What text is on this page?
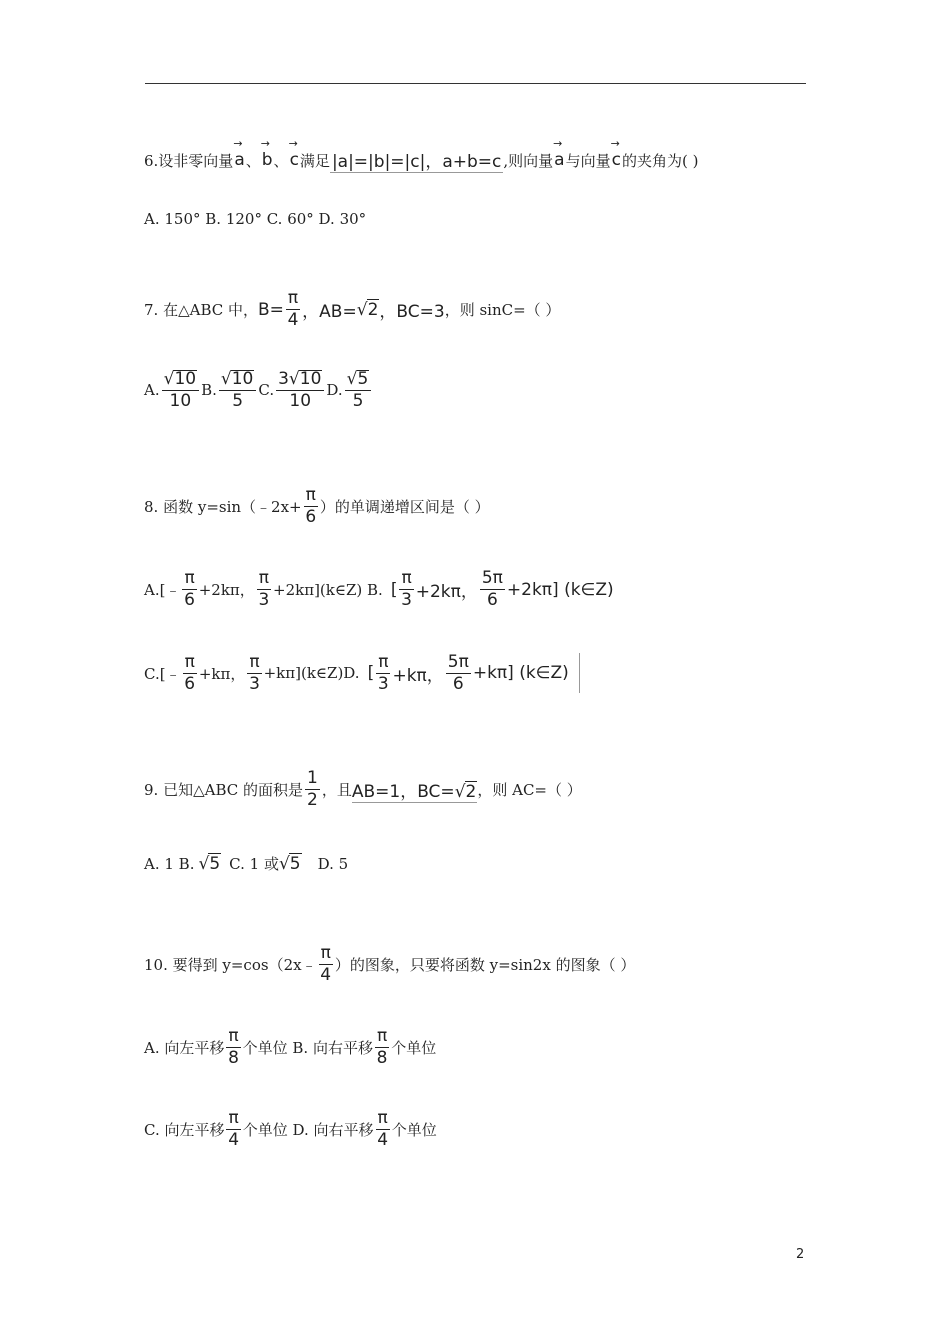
6.设非零向量 → a 、 → b 、 → c 满足 |a|=|b|=|c|，a+b=c ,则向量 → a 与向量 → c 的夹角为( )
A. 150° B. 120° C. 60° D. 30°
7. 在△ABC 中， $B= \frac{\pi}{4}$ ，AB= √ 2 ，BC=3 ，则 sinC=（ ）
A. $\frac{√10}{10} B$. $\frac{√10}{5} C$. $\frac{3√10}{10} D$. $\frac{√5}{5}$
8. 函数 y=sin（﹣2x+ $\frac{\pi}{6}$ ）的单调递增区间是（ ）
A.[﹣ $\frac{\pi}{6} +2k\pi$， $\frac{\pi}{3}$ +2kπ](k∈Z) B. [ $\frac{\pi}{3} +2k\pi$， $\frac{5\pi}{6} +2k\pi$] (k∈Z)
C.[﹣ $\frac{\pi}{6} +k\pi$， $\frac{\pi}{3}$ +kπ](k∈Z)D. [ $\frac{\pi}{3} +k\pi$， $\frac{5\pi}{6} +k\pi$] (k∈Z)
9. 已知△ABC 的面积是 $\frac{1}{2}$ ，且 AB=1，BC=√2 ，则 AC=（ ）
A. 1 B. √ 5 C. 1 或 √ 5 D. 5
10. 要得到 y=cos（2x﹣ $\frac{\pi}{4}$ ）的图象，只要将函数 y=sin2x 的图象（ ）
A. 向左平移 $\frac{\pi}{8}$ 个单位 B. 向右平移 $\frac{\pi}{8}$ 个单位
C. 向左平移 $\frac{\pi}{4}$ 个单位 D. 向右平移 $\frac{\pi}{4}$ 个单位
2
